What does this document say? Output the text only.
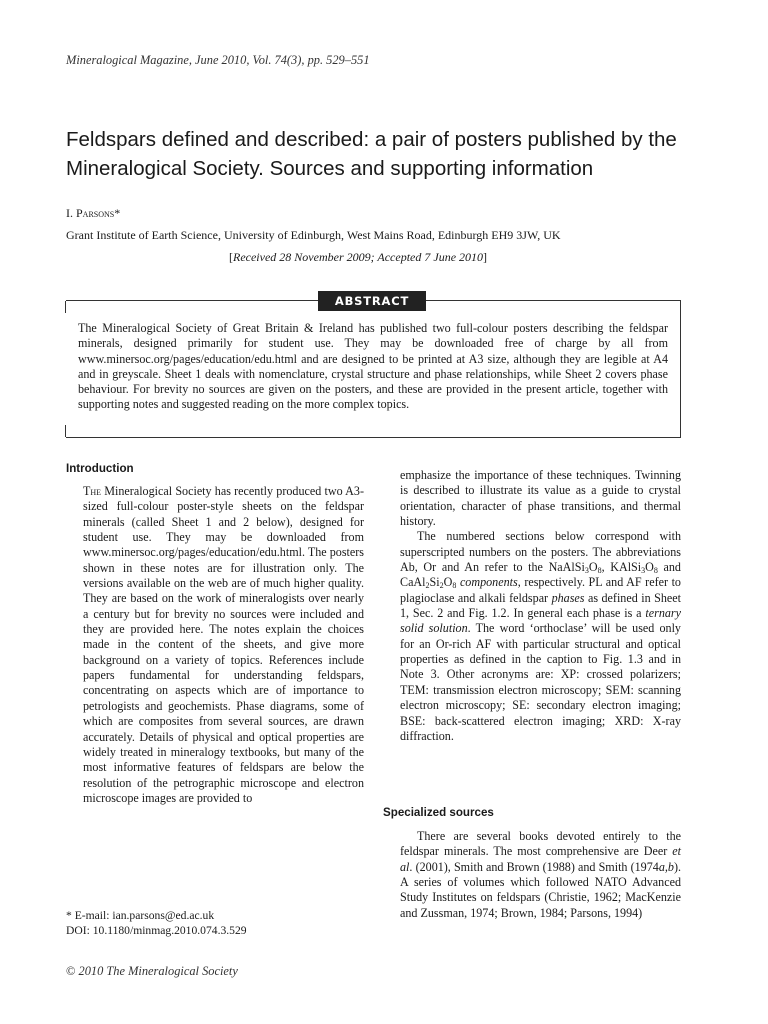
Mineralogical Magazine, June 2010, Vol. 74(3), pp. 529–551
Feldspars defined and described: a pair of posters published by the Mineralogical Society. Sources and supporting information
I. Parsons*
Grant Institute of Earth Science, University of Edinburgh, West Mains Road, Edinburgh EH9 3JW, UK
[Received 28 November 2009; Accepted 7 June 2010]
ABSTRACT
The Mineralogical Society of Great Britain & Ireland has published two full-colour posters describing the feldspar minerals, designed primarily for student use. They may be downloaded free of charge by all from www.minersoc.org/pages/education/edu.html and are designed to be printed at A3 size, although they are legible at A4 and in greyscale. Sheet 1 deals with nomenclature, crystal structure and phase relationships, while Sheet 2 covers phase behaviour. For brevity no sources are given on the posters, and these are provided in the present article, together with supporting notes and suggested reading on the more complex topics.
Introduction

The Mineralogical Society has recently produced two A3-sized full-colour poster-style sheets on the feldspar minerals (called Sheet 1 and 2 below), designed for student use. They may be downloaded from www.minersoc.org/pages/education/edu.html. The posters shown in these notes are for illustration only. The versions available on the web are of much higher quality. They are based on the work of mineralogists over nearly a century but for brevity no sources were included and they are provided here. The notes explain the choices made in the content of the sheets, and give more background on a variety of topics. References include papers fundamental for understanding feldspars, concentrating on aspects which are of importance to petrologists and geochemists. Phase diagrams, some of which are composites from several sources, are drawn accurately. Details of physical and optical properties are widely treated in mineralogy textbooks, but many of the most informative features of feldspars are below the resolution of the petrographic microscope and electron microscope images are provided to

emphasize the importance of these techniques. Twinning is described to illustrate its value as a guide to crystal orientation, character of phase transitions, and thermal history.

The numbered sections below correspond with superscripted numbers on the posters. The abbreviations Ab, Or and An refer to the $NaAlSi_3O_8$, $KAlSi_3O_8$ and $CaAl_2Si_2O_8$ components, respectively. PL and AF refer to plagioclase and alkali feldspar phases as defined in Sheet 1, Sec. 2 and Fig. 1.2. In general each phase is a ternary solid solution. The word ‘orthoclase’ will be used only for an Or-rich AF with particular structural and optical properties as defined in the caption to Fig. 1.3 and in Note 3. Other acronyms are: XP: crossed polarizers; TEM: transmission electron microscopy; SEM: scanning electron microscopy; SE: secondary electron imaging; BSE: back-scattered electron imaging; XRD: X-ray diffraction.

Specialized sources

There are several books devoted entirely to the feldspar minerals. The most comprehensive are Deer et al. (2001), Smith and Brown (1988) and Smith (1974a,b). A series of volumes which followed NATO Advanced Study Institutes on feldspars (Christie, 1962; MacKenzie and Zussman, 1974; Brown, 1984; Parsons, 1994)

* E-mail: ian.parsons@ed.ac.uk
DOI: 10.1180/minmag.2010.074.3.529
© 2010 The Mineralogical Society
